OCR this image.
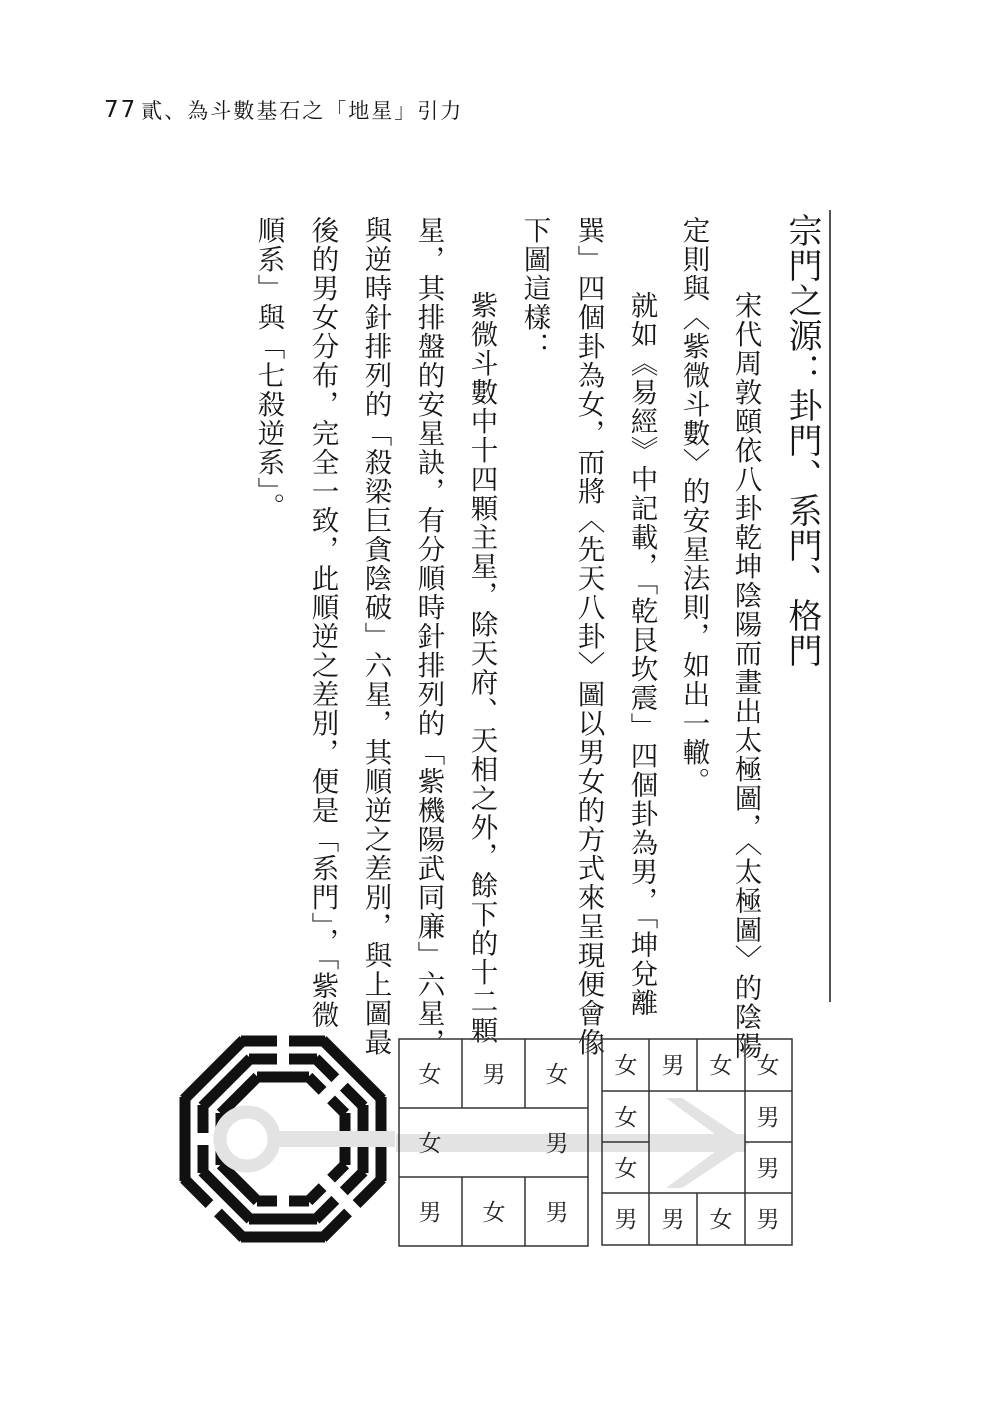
77 貳、為斗數基石之「地星」引力
宗門之源：卦門、系門、格門
　宋代周敦頤依八卦乾坤陰陽而畫出太極圖，〈太極圖〉的陰陽
定則與〈紫微斗數〉的安星法則，如出一轍。
　就如《易經》中記載，「乾艮坎震」四個卦為男，「坤兌離
巽」四個卦為女，而將〈先天八卦〉圖以男女的方式來呈現便會像
下圖這樣：
　紫微斗數中十四顆主星，除天府、天相之外，餘下的十二顆
星，其排盤的安星訣，有分順時針排列的「紫機陽武同廉」六星，
與逆時針排列的「殺梁巨貪陰破」六星，其順逆之差別，與上圖最
後的男女分布，完全一致，此順逆之差別，便是「系門」，「紫微
順系」與「七殺逆系」。
女 男 女
女	男
男 女 男
女 男 女 女
女
女
男
男
男 男 女 男
